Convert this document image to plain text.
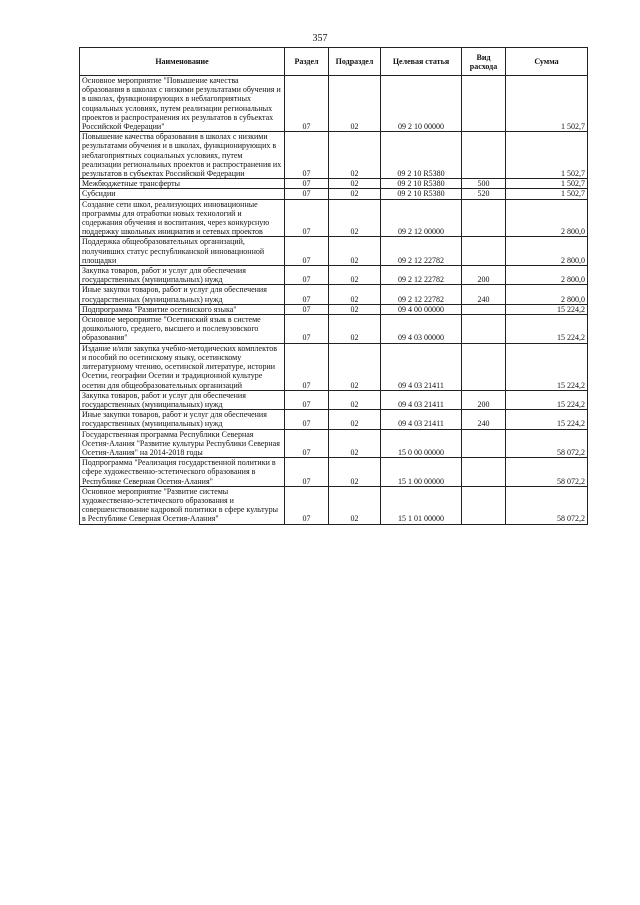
357
Наименование	Раздел	Подраздел	Целевая статья	Вид расхода	Сумма
Основное мероприятие "Повышение качества образования в школах с низкими результатами обучения и в школах, функционирующих в неблагоприятных социальных условиях, путем реализации региональных проектов и распространения их результатов в субъектах Российской Федерации"	07	02	09 2 10 00000		1 502,7
Повышение качества образования в школах с низкими результатами обучения и в школах, функционирующих в неблагоприятных социальных условиях, путем реализации региональных проектов и распространения их результатов в субъектах Российской Федерации	07	02	09 2 10 R5380		1 502,7
Межбюджетные трансферты	07	02	09 2 10 R5380	500	1 502,7
Субсидии	07	02	09 2 10 R5380	520	1 502,7
Создание сети школ, реализующих инновационные программы для отработки новых технологий и содержания обучения и воспитания, через конкурсную поддержку школьных инициатив и сетевых проектов	07	02	09 2 12 00000		2 800,0
Поддержка общеобразовательных организаций, получивших статус республиканской инновационной площадки	07	02	09 2 12 22782		2 800,0
Закупка товаров, работ и услуг для обеспечения государственных (муниципальных) нужд	07	02	09 2 12 22782	200	2 800,0
Иные закупки товаров, работ и услуг для обеспечения государственных (муниципальных) нужд	07	02	09 2 12 22782	240	2 800,0
Подпрограмма "Развитие осетинского языка"	07	02	09 4 00 00000		15 224,2
Основное мероприятие "Осетинский язык в системе дошкольного, среднего, высшего и послевузовского образования"	07	02	09 4 03 00000		15 224,2
Издание и/или закупка учебно-методических комплектов и пособий по осетинскому языку, осетинскому литературному чтению, осетинской литературе, истории Осетии, географии Осетии и традиционной культуре осетин для общеобразовательных организаций	07	02	09 4 03 21411		15 224,2
Закупка товаров, работ и услуг для обеспечения государственных (муниципальных) нужд	07	02	09 4 03 21411	200	15 224,2
Иные закупки товаров, работ и услуг для обеспечения государственных (муниципальных) нужд	07	02	09 4 03 21411	240	15 224,2
Государственная программа Республики Северная Осетия-Алания "Развитие культуры Республики Северная Осетия-Алания" на 2014-2018 годы	07	02	15 0 00 00000		58 072,2
Подпрограмма "Реализация государственной политики в сфере художественно-эстетического образования в Республике Северная Осетия-Алания"	07	02	15 1 00 00000		58 072,2
Основное мероприятие "Развитие системы художественно-эстетического образования и совершенствование кадровой политики в сфере культуры в Республике Северная Осетия-Алания"	07	02	15 1 01 00000		58 072,2
